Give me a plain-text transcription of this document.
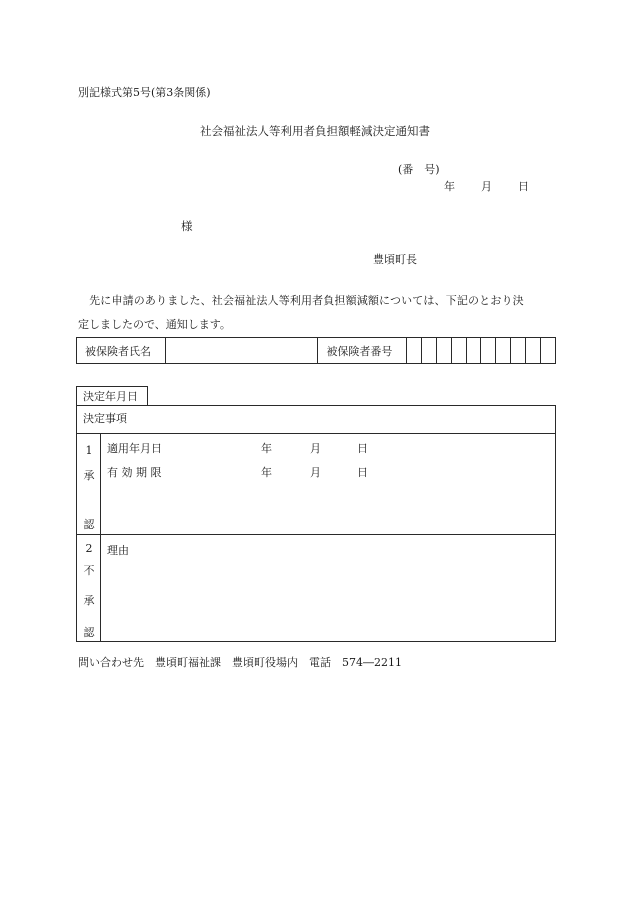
別記様式第5号(第3条関係)
社会福祉法人等利用者負担額軽減決定通知書
(番　号)
年 月 日
様
豊頃町長
　先に申請のありました、社会福祉法人等利用者負担額減額については、下記のとおり決
定しましたので、通知します。
被保険者氏名		被保険者番号										
決定年月日
決定事項
1
承
認
適用年月日	年	月	日
有 効 期 限	年	月	日
2
不
承
認
理由
問い合わせ先　豊頃町福祉課　豊頃町役場内　電話　574―2211
